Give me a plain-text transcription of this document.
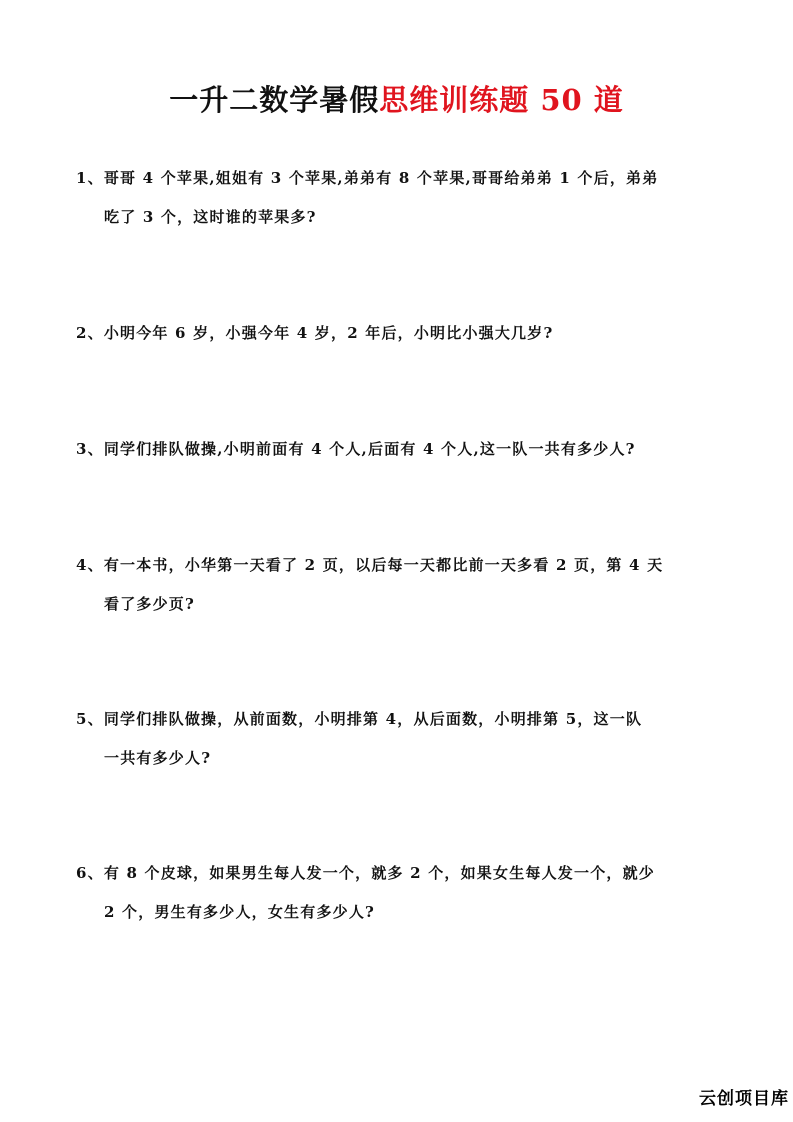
一升二数学暑假思维训练题 50 道
1、哥哥 4 个苹果,姐姐有 3 个苹果,弟弟有 8 个苹果,哥哥给弟弟 1 个后，弟弟
吃了 3 个，这时谁的苹果多?
2、小明今年 6 岁，小强今年 4 岁，2 年后，小明比小强大几岁?
3、同学们排队做操,小明前面有 4 个人,后面有 4 个人,这一队一共有多少人?
4、有一本书，小华第一天看了 2 页，以后每一天都比前一天多看 2 页，第 4 天
看了多少页?
5、同学们排队做操，从前面数，小明排第 4，从后面数，小明排第 5，这一队
一共有多少人?
6、有 8 个皮球，如果男生每人发一个，就多 2 个，如果女生每人发一个，就少
2 个，男生有多少人，女生有多少人?
云创项目库
